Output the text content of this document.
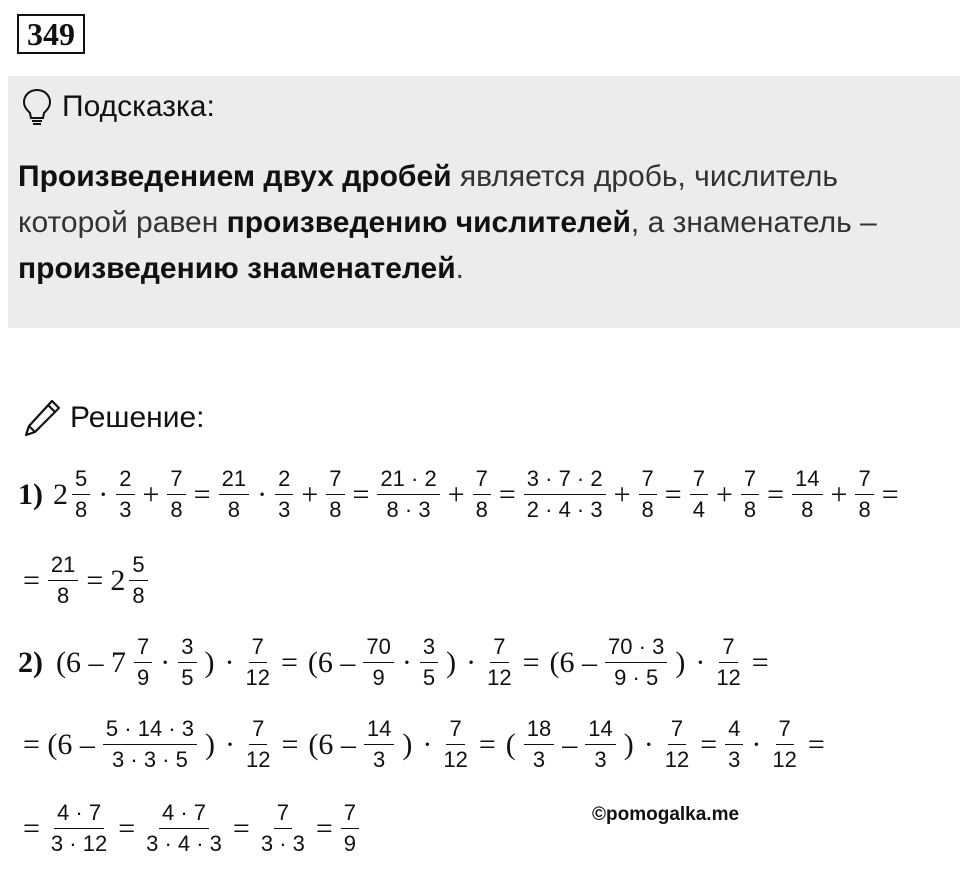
349
Подсказка:
Произведением двух дробей является дробь, числитель которой равен произведению числителей, а знаменатель – произведению знаменателей.
Решение:
1) $2 \frac{5}{8} \cdot \frac{2}{3} + \frac{7}{8} = \frac{21}{8} \cdot \frac{2}{3} + \frac{7}{8} = \frac{21 \cdot 2}{8 \cdot 3} + \frac{7}{8} = \frac{3 \cdot 7 \cdot 2}{2 \cdot 4 \cdot 3} + \frac{7}{8} = \frac{7}{4} + \frac{7}{8} = \frac{14}{8} + \frac{7}{8}$ =
= $\frac{21}{8} = 2 \frac{5}{8}$
2) ($6 - 7 \frac{7}{9} \cdot \frac{3}{5}$ ) · $\frac{7}{12} = (6 - \frac{70}{9} \cdot \frac{3}{5}$ ) · $\frac{7}{12} = (6 - \frac{70 \cdot 3}{9 \cdot 5}$ ) · $\frac{7}{12}$ =
= ($6 - \frac{5 \cdot 14 \cdot 3}{3 \cdot 3 \cdot 5}$ ) · $\frac{7}{12} = (6 - \frac{14}{3}$ ) · $\frac{7}{12}$ = ( $\frac{18}{3} - \frac{14}{3}$ ) · $\frac{7}{12} = \frac{4}{3} \cdot \frac{7}{12}$ =
= $\frac{4 \cdot 7}{3 \cdot 12} = \frac{4 \cdot 7}{3 \cdot 4 \cdot 3} = \frac{7}{3 \cdot 3} = \frac{7}{9}$	©pomogalka.me
